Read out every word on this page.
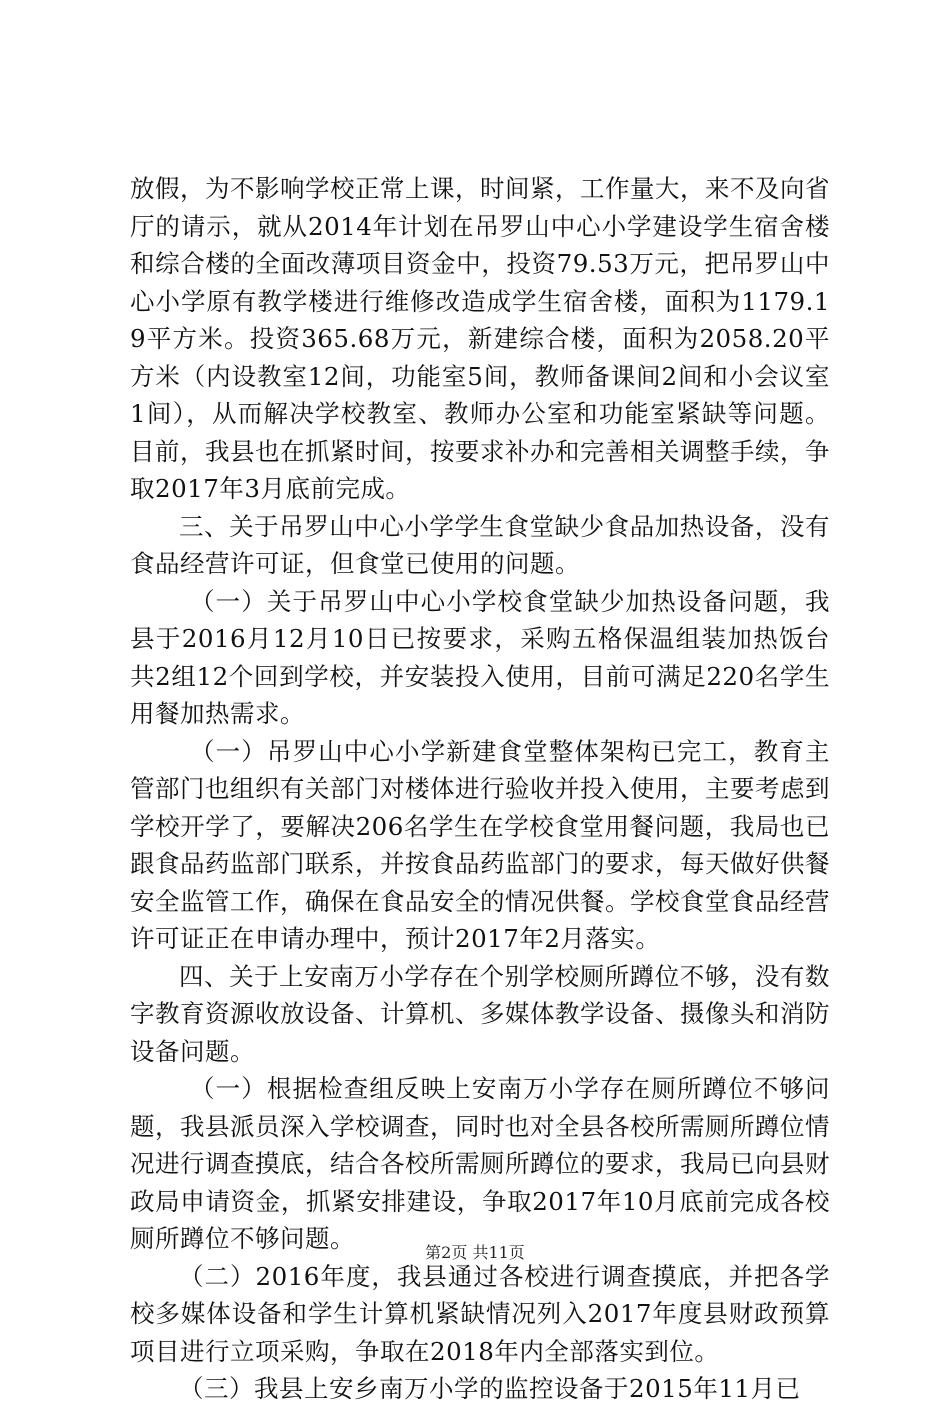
放假，为不影响学校正常上课，时间紧，工作量大，来不及向省厅的请示，就从2014年计划在吊罗山中心小学建设学生宿舍楼和综合楼的全面改薄项目资金中，投资79.53万元，把吊罗山中心小学原有教学楼进行维修改造成学生宿舍楼，面积为1179.19平方米。投资365.68万元，新建综合楼，面积为2058.20平方米（内设教室12间，功能室5间，教师备课间2间和小会议室1间），从而解决学校教室、教师办公室和功能室紧缺等问题。目前，我县也在抓紧时间，按要求补办和完善相关调整手续，争取2017年3月底前完成。

三、关于吊罗山中心小学学生食堂缺少食品加热设备，没有食品经营许可证，但食堂已使用的问题。

（一）关于吊罗山中心小学校食堂缺少加热设备问题，我县于2016月12月10日已按要求，采购五格保温组装加热饭台共2组12个回到学校，并安装投入使用，目前可满足220名学生用餐加热需求。

（一）吊罗山中心小学新建食堂整体架构已完工，教育主管部门也组织有关部门对楼体进行验收并投入使用，主要考虑到学校开学了，要解决206名学生在学校食堂用餐问题，我局也已跟食品药监部门联系，并按食品药监部门的要求，每天做好供餐安全监管工作，确保在食品安全的情况供餐。学校食堂食品经营许可证正在申请办理中，预计2017年2月落实。

四、关于上安南万小学存在个别学校厕所蹲位不够，没有数字教育资源收放设备、计算机、多媒体教学设备、摄像头和消防设备问题。

（一）根据检查组反映上安南万小学存在厕所蹲位不够问题，我县派员深入学校调查，同时也对全县各校所需厕所蹲位情况进行调查摸底，结合各校所需厕所蹲位的要求，我局已向县财政局申请资金，抓紧安排建设，争取2017年10月底前完成各校厕所蹲位不够问题。

（二）2016年度，我县通过各校进行调查摸底，并把各学校多媒体设备和学生计算机紧缺情况列入2017年度县财政预算项目进行立项采购，争取在2018年内全部落实到位。

（三）我县上安乡南万小学的监控设备于2015年11月已

第2页 共11页
